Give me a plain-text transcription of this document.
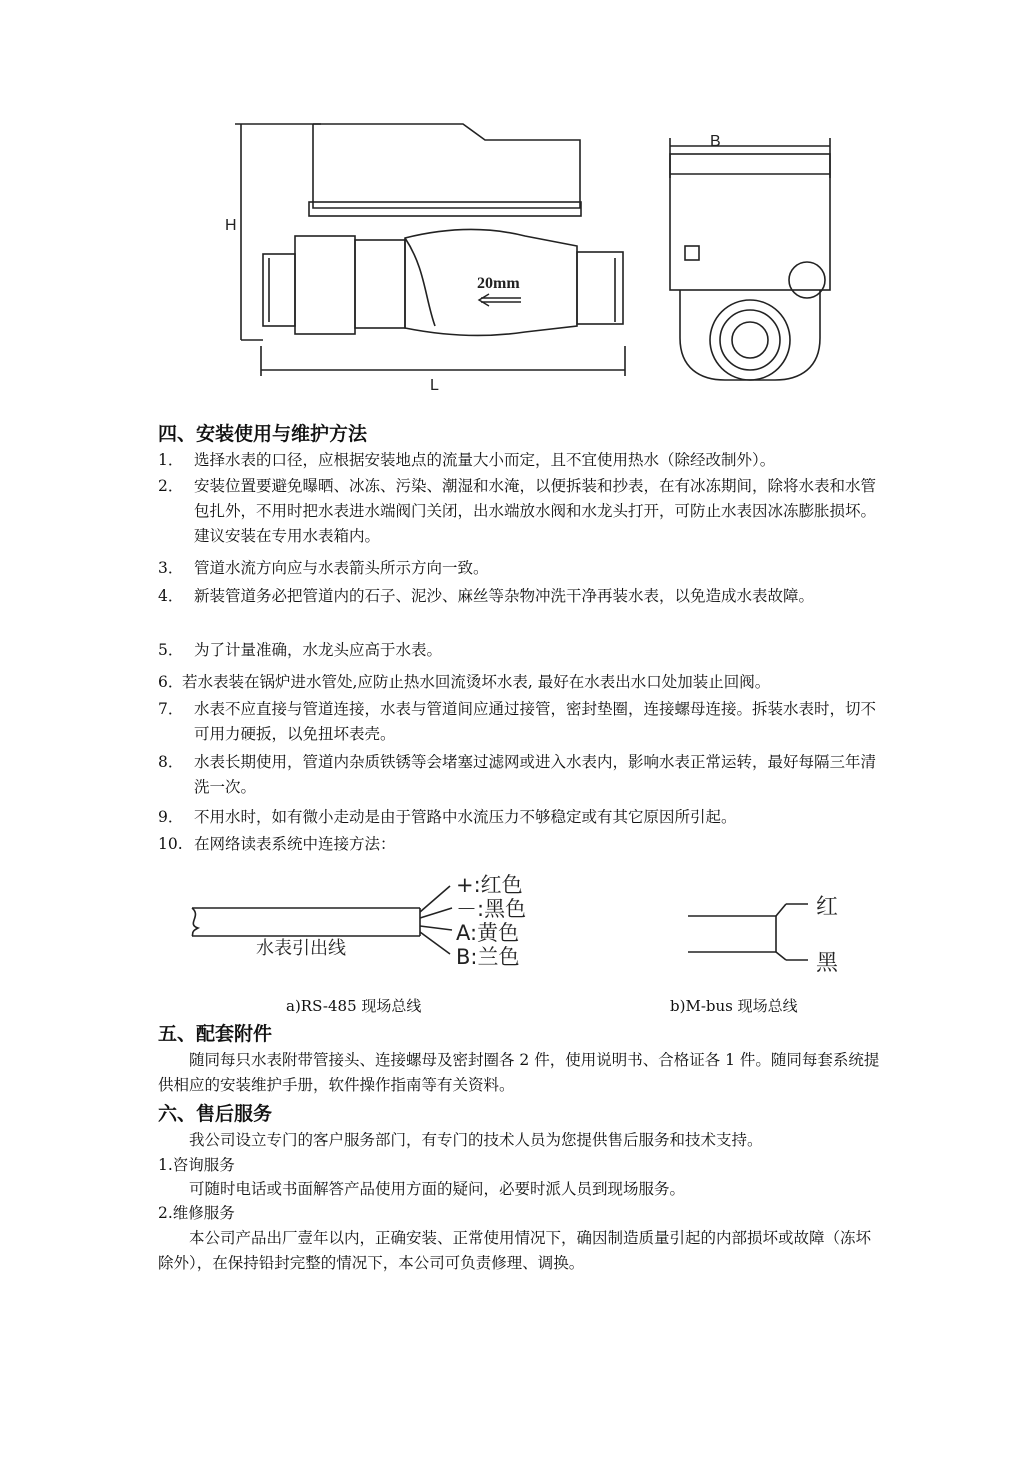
H
L
B
20mm
四、安装使用与维护方法
1． 选择水表的口径，应根据安装地点的流量大小而定，且不宜使用热水（除经改制外）。
2． 安装位置要避免曝晒、冰冻、污染、潮湿和水淹，以便拆装和抄表，在有冰冻期间，除将水表和水管包扎外，不用时把水表进水端阀门关闭，出水端放水阀和水龙头打开，可防止水表因冰冻膨胀损坏。建议安装在专用水表箱内。
3． 管道水流方向应与水表箭头所示方向一致。
4． 新装管道务必把管道内的石子、泥沙、麻丝等杂物冲洗干净再装水表，以免造成水表故障。
5． 为了计量准确，水龙头应高于水表。
6．
若水表装在锅炉进水管处,应防止热水回流烫坏水表, 最好在水表出水口处加装止回阀。
7． 水表不应直接与管道连接，水表与管道间应通过接管，密封垫圈，连接螺母连接。拆装水表时，切不可用力硬扳，以免扭坏表壳。
8． 水表长期使用，管道内杂质铁锈等会堵塞过滤网或进入水表内，影响水表正常运转，最好每隔三年清洗一次。
9． 不用水时，如有微小走动是由于管路中水流压力不够稳定或有其它原因所引起。
10. 在网络读表系统中连接方法：
+:红色
－:黑色
A:黄色
B:兰色
水表引出线
红
黑
a)RS-485 现场总线	b)M-bus 现场总线
五、配套附件

随同每只水表附带管接头、连接螺母及密封圈各 2 件，使用说明书、合格证各 1 件。随同每套系统提供相应的安装维护手册，软件操作指南等有关资料。

六、售后服务

我公司设立专门的客户服务部门，有专门的技术人员为您提供售后服务和技术支持。

1.咨询服务

可随时电话或书面解答产品使用方面的疑问，必要时派人员到现场服务。

2.维修服务

本公司产品出厂壹年以内，正确安装、正常使用情况下，确因制造质量引起的内部损坏或故障（冻坏除外），在保持铅封完整的情况下，本公司可负责修理、调换。
